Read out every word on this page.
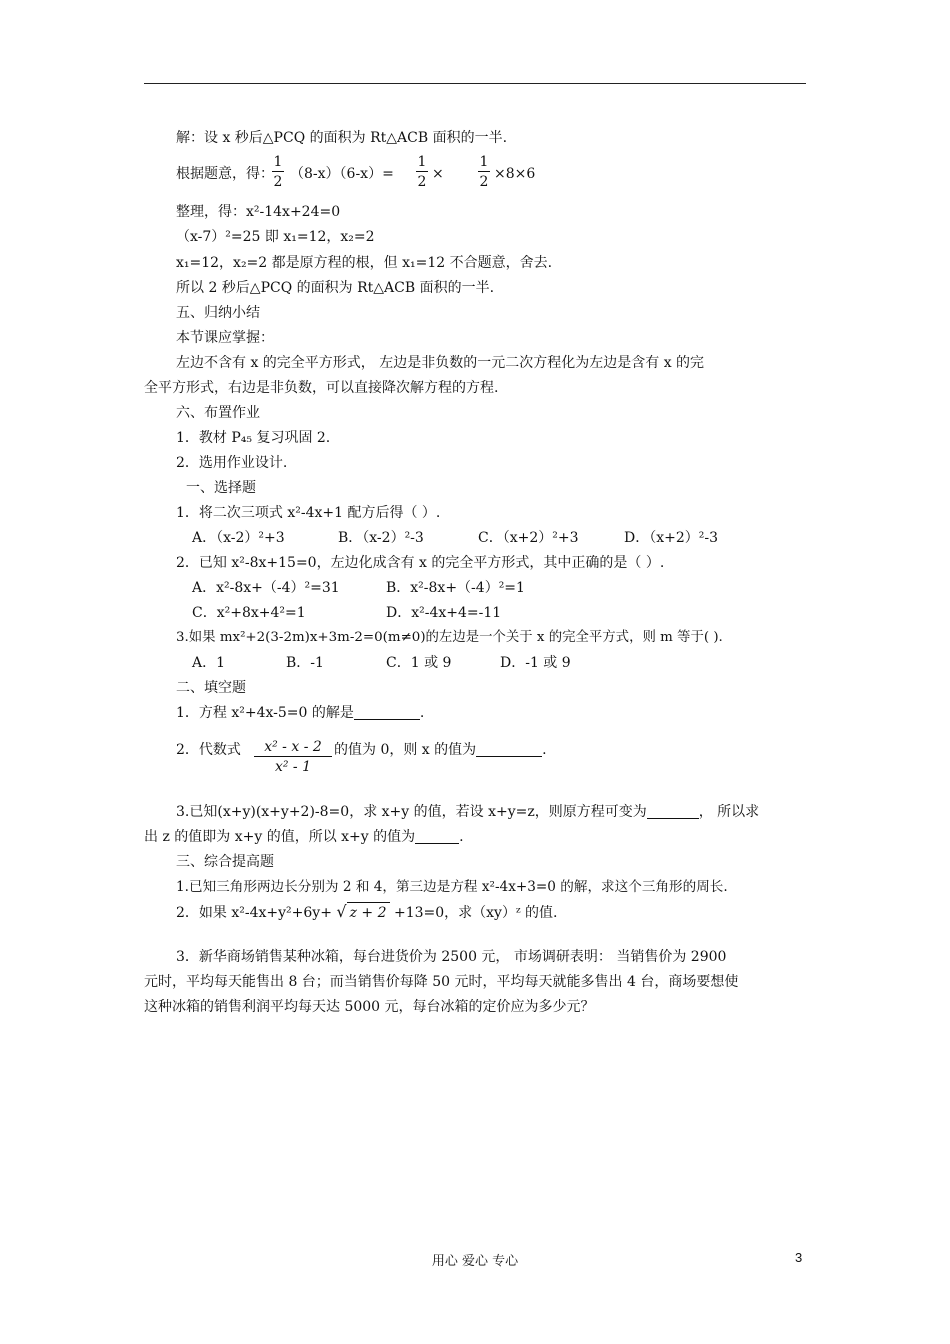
解：设 x 秒后△PCQ 的面积为 Rt△ACB 面积的一半.
根据题意，得：
1
2 （8-x）（6-x）=
1
2 ×
1
2 ×8×6
整理，得：x²-14x+24=0
（x-7）²=25 即 x₁=12，x₂=2
x₁=12，x₂=2 都是原方程的根，但 x₁=12 不合题意，舍去.
所以 2 秒后△PCQ 的面积为 Rt△ACB 面积的一半.
五、归纳小结
本节课应掌握：
左边不含有 x 的完全平方形式， 左边是非负数的一元二次方程化为左边是含有 x 的完
全平方形式，右边是非负数，可以直接降次解方程的方程.
六、布置作业
1．教材 P₄₅ 复习巩固 2.
2．选用作业设计.
一、选择题
1．将二次三项式 x²-4x+1 配方后得（ ）.
A．（x-2）²+3	B．（x-2）²-3	C．（x+2）²+3	D．（x+2）²-3
2．已知 x²-8x+15=0，左边化成含有 x 的完全平方形式，其中正确的是（ ）.
A．x²-8x+（-4）²=31	B．x²-8x+（-4）²=1
C．x²+8x+4²=1	D．x²-4x+4=-11
3.如果 mx²+2(3-2m)x+3m-2=0(m≠0)的左边是一个关于 x 的完全平方式，则 m 等于( ).
A．1	B．-1	C．1 或 9	D．-1 或 9
二、填空题
1．方程 x²+4x-5=0 的解是	.
2．代数式	x² - x - 2
x² - 1
的值为 0，则 x 的值为	.
3.已知(x+y)(x+y+2)-8=0，求 x+y 的值，若设 x+y=z，则原方程可变为	， 所以求
出 z 的值即为 x+y 的值，所以 x+y 的值为	.
三、综合提高题
1.已知三角形两边长分别为 2 和 4，第三边是方程 x²-4x+3=0 的解，求这个三角形的周长.
2．如果 x²-4x+y²+6y+ √ z + 2 +13=0，求（xy）ᶻ 的值.
3．新华商场销售某种冰箱，每台进货价为 2500 元， 市场调研表明： 当销售价为 2900
元时，平均每天能售出 8 台；而当销售价每降 50 元时，平均每天就能多售出 4 台，商场要想使
这种冰箱的销售利润平均每天达 5000 元，每台冰箱的定价应为多少元？
用心 爱心 专心	3
